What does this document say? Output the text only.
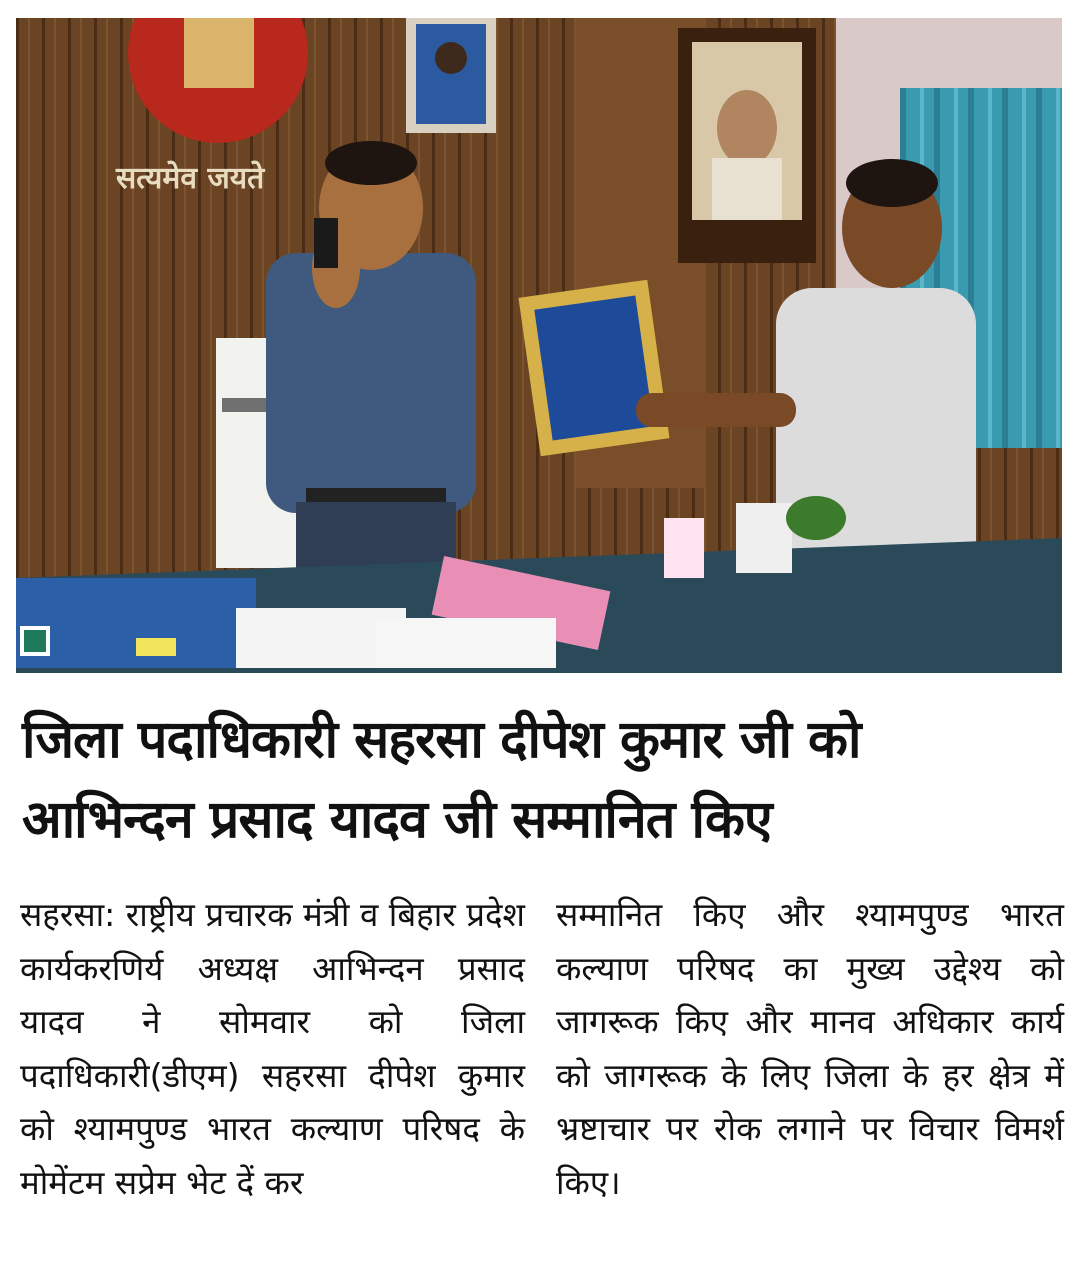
सत्यमेव जयते
जिला पदाधिकारी सहरसा दीपेश कुमार जी को
आभिन्दन प्रसाद यादव जी सम्मानित किए

सहरसा: राष्ट्रीय प्रचारक मंत्री व बिहार प्रदेश कार्यकरणिर्य अध्यक्ष आभिन्दन प्रसाद यादव ने सोमवार को जिला पदाधिकारी(डीएम) सहरसा दीपेश कुमार को श्यामपुण्ड भारत कल्याण परिषद के मोमेंटम सप्रेम भेट दें कर

सम्मानित किए और श्यामपुण्ड भारत कल्याण परिषद का मुख्य उद्देश्य को जागरूक किए और मानव अधिकार कार्य को जागरूक के लिए जिला के हर क्षेत्र में भ्रष्टाचार पर रोक लगाने पर विचार विमर्श किए।
